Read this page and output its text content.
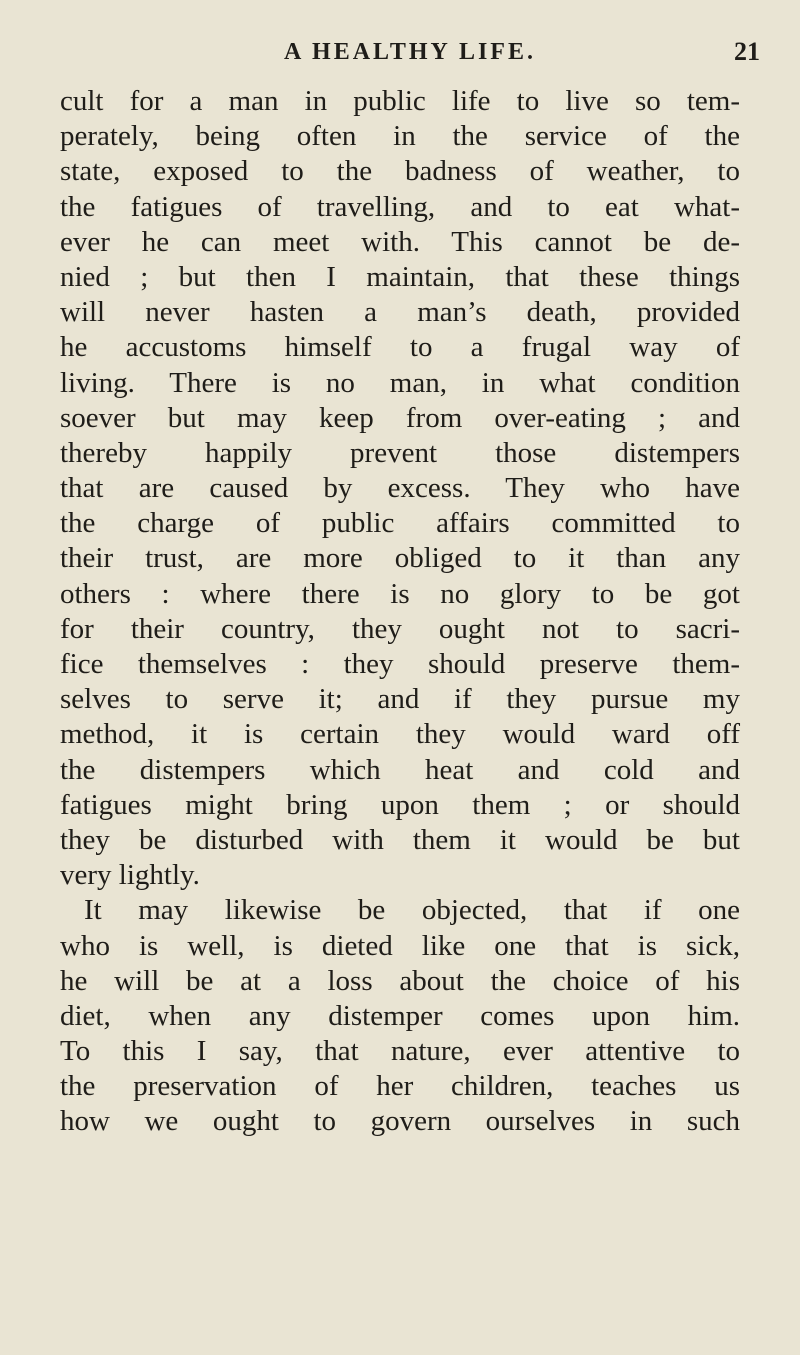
A HEALTHY LIFE.	21
cult for a man in public life to live so tem-
perately, being often in the service of the
state, exposed to the badness of weather, to
the fatigues of travelling, and to eat what-
ever he can meet with. This cannot be de-
nied ; but then I maintain, that these things
will never hasten a man’s death, provided
he accustoms himself to a frugal way of
living. There is no man, in what condition
soever but may keep from over-eating ; and
thereby happily prevent those distempers
that are caused by excess. They who have
the charge of public affairs committed to
their trust, are more obliged to it than any
others : where there is no glory to be got
for their country, they ought not to sacri-
fice themselves : they should preserve them-
selves to serve it; and if they pursue my
method, it is certain they would ward off
the distempers which heat and cold and
fatigues might bring upon them ; or should
they be disturbed with them it would be but
very lightly.
It may likewise be objected, that if one
who is well, is dieted like one that is sick,
he will be at a loss about the choice of his
diet, when any distemper comes upon him.
To this I say, that nature, ever attentive to
the preservation of her children, teaches us
how we ought to govern ourselves in such
